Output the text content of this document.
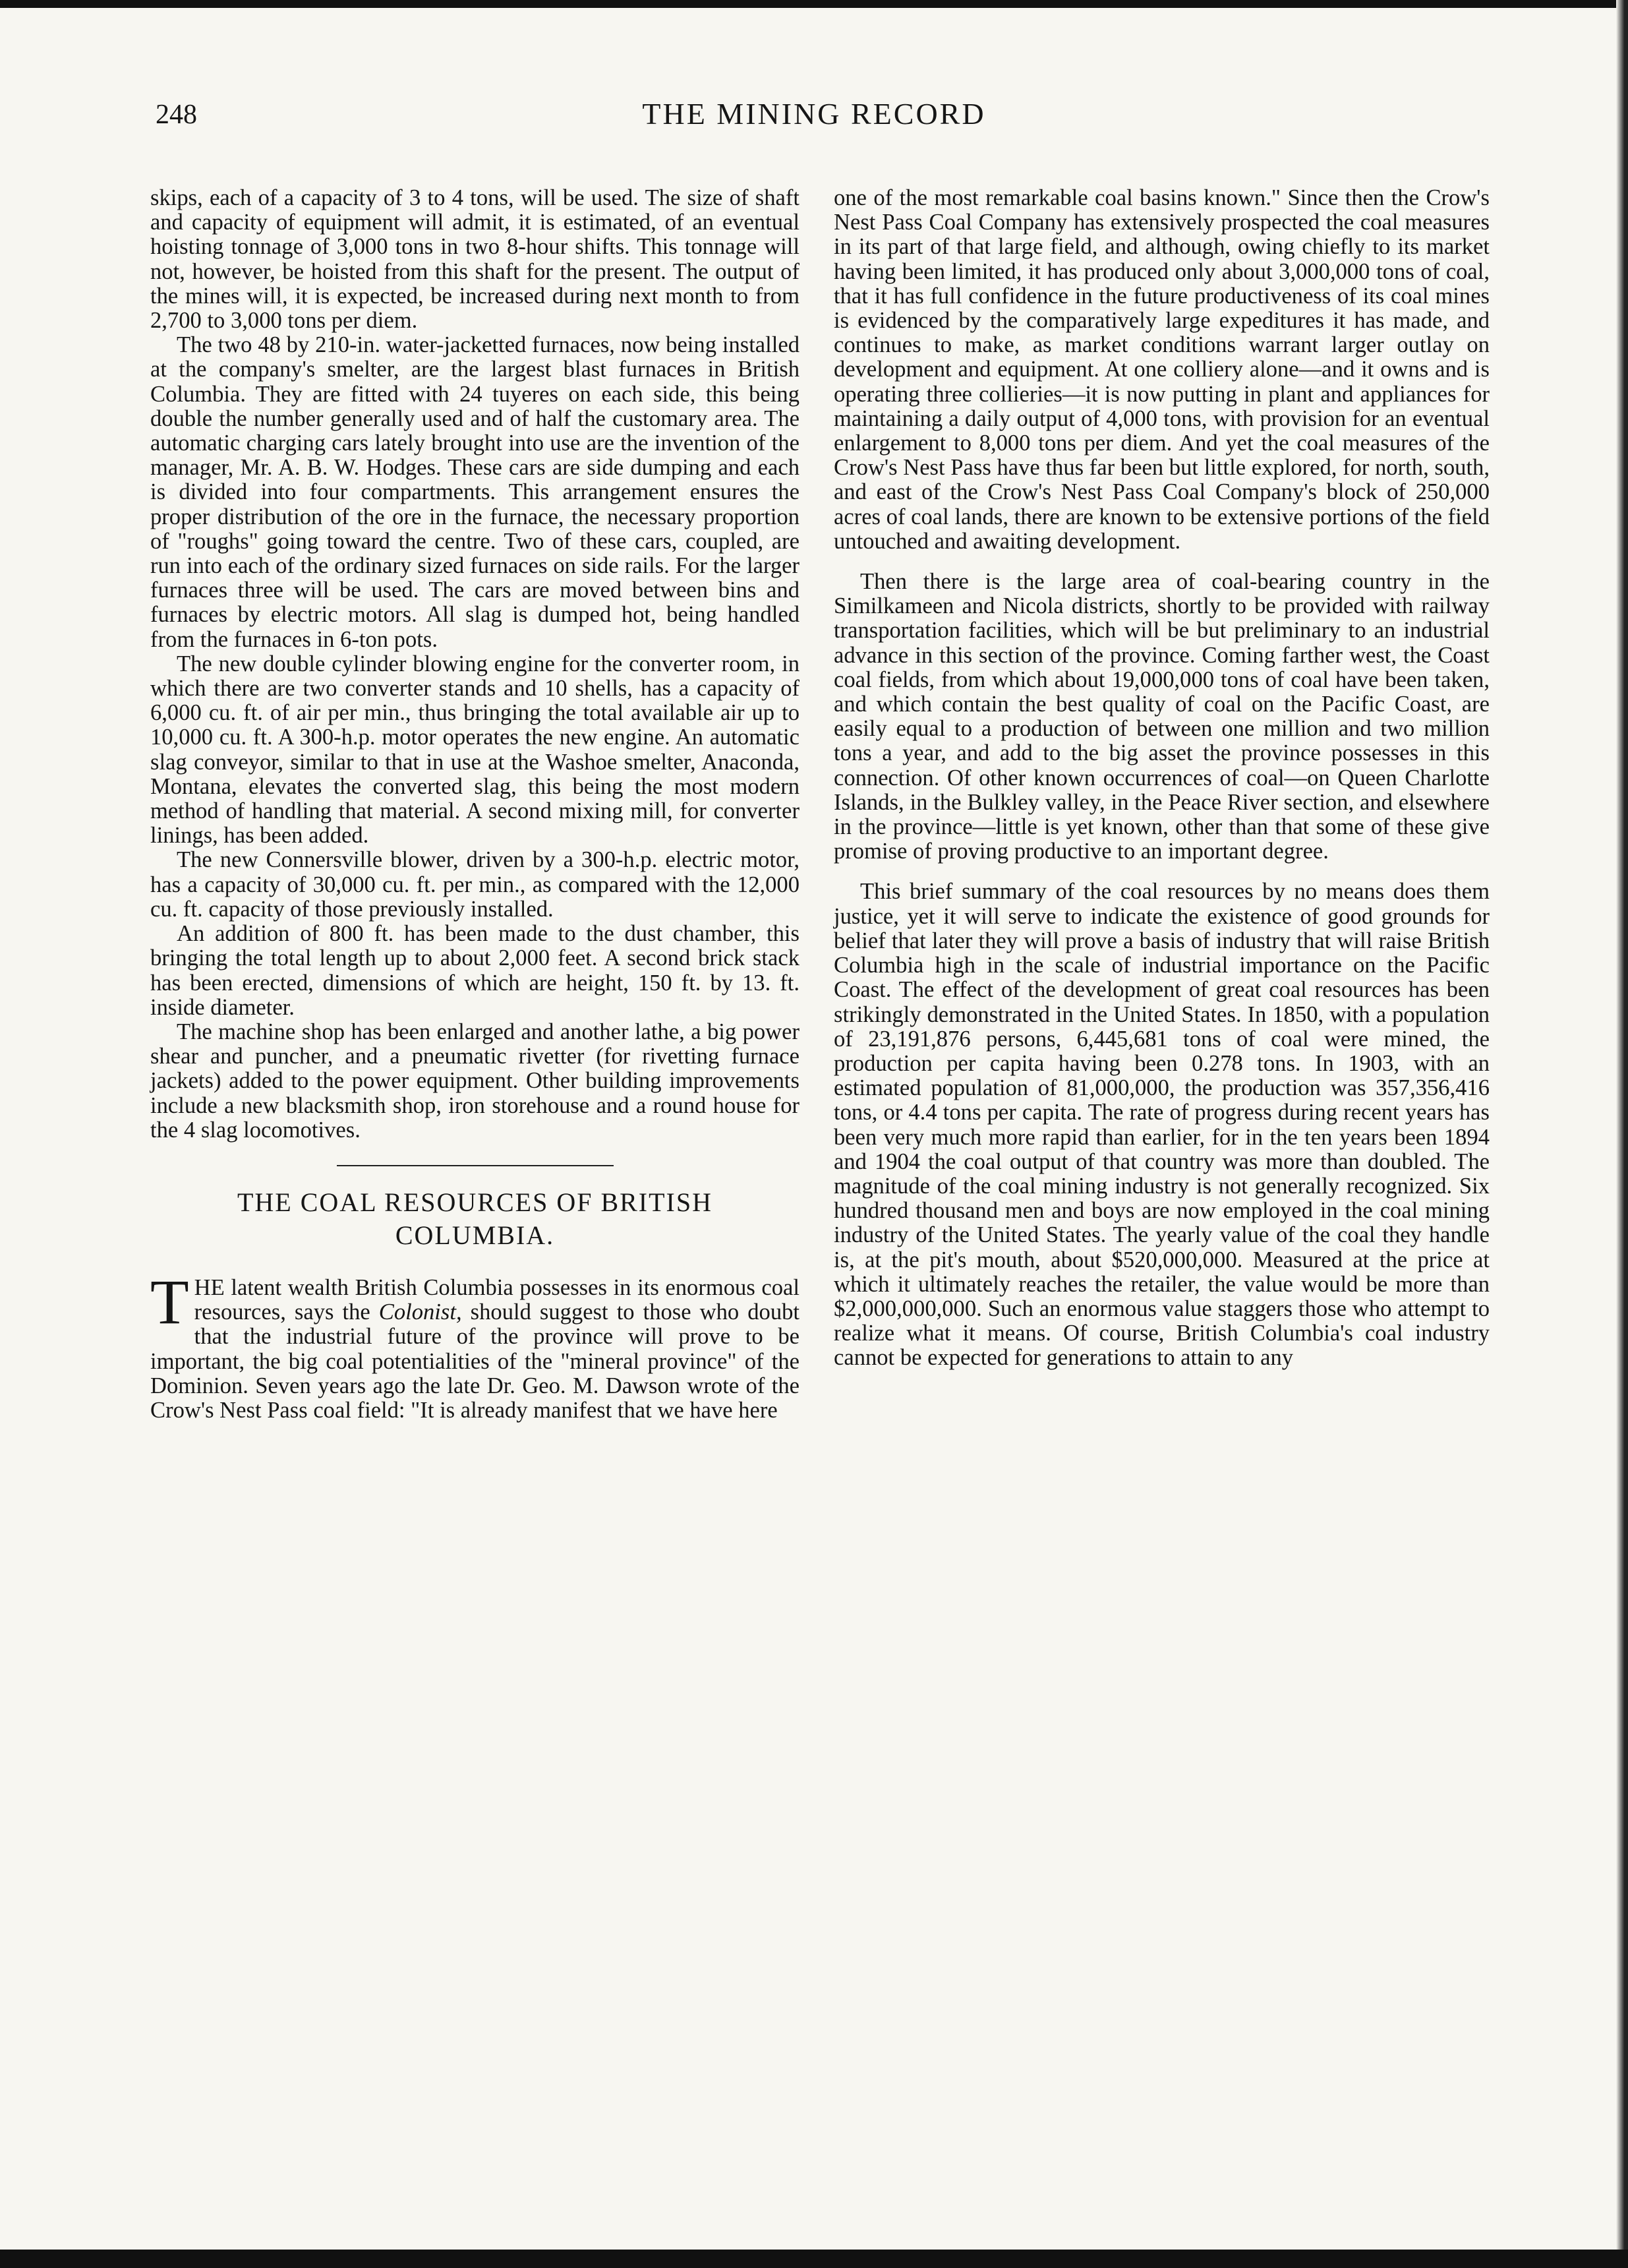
248	THE MINING RECORD

skips, each of a capacity of 3 to 4 tons, will be used. The size of shaft and capacity of equipment will admit, it is estimated, of an eventual hoisting tonnage of 3,000 tons in two 8-hour shifts. This tonnage will not, however, be hoisted from this shaft for the present. The output of the mines will, it is expected, be increased during next month to from 2,700 to 3,000 tons per diem.

The two 48 by 210-in. water-jacketted furnaces, now being installed at the company's smelter, are the largest blast furnaces in British Columbia. They are fitted with 24 tuyeres on each side, this being double the number generally used and of half the customary area. The automatic charging cars lately brought into use are the invention of the manager, Mr. A. B. W. Hodges. These cars are side dumping and each is divided into four compartments. This arrangement ensures the proper distribution of the ore in the furnace, the necessary proportion of "roughs" going toward the centre. Two of these cars, coupled, are run into each of the ordinary sized furnaces on side rails. For the larger furnaces three will be used. The cars are moved between bins and furnaces by electric motors. All slag is dumped hot, being handled from the furnaces in 6-ton pots.

The new double cylinder blowing engine for the converter room, in which there are two converter stands and 10 shells, has a capacity of 6,000 cu. ft. of air per min., thus bringing the total available air up to 10,000 cu. ft. A 300-h.p. motor operates the new engine. An automatic slag conveyor, similar to that in use at the Washoe smelter, Anaconda, Montana, elevates the converted slag, this being the most modern method of handling that material. A second mixing mill, for converter linings, has been added.

The new Connersville blower, driven by a 300-h.p. electric motor, has a capacity of 30,000 cu. ft. per min., as compared with the 12,000 cu. ft. capacity of those previously installed.

An addition of 800 ft. has been made to the dust chamber, this bringing the total length up to about 2,000 feet. A second brick stack has been erected, dimensions of which are height, 150 ft. by 13. ft. inside diameter.

The machine shop has been enlarged and another lathe, a big power shear and puncher, and a pneumatic rivetter (for rivetting furnace jackets) added to the power equipment. Other building improvements include a new blacksmith shop, iron storehouse and a round house for the 4 slag locomotives.

THE COAL RESOURCES OF BRITISH
COLUMBIA.

THE latent wealth British Columbia possesses in its enormous coal resources, says the Colonist, should suggest to those who doubt that the industrial future of the province will prove to be important, the big coal potentialities of the "mineral province" of the Dominion. Seven years ago the late Dr. Geo. M. Dawson wrote of the Crow's Nest Pass coal field: "It is already manifest that we have here

one of the most remarkable coal basins known." Since then the Crow's Nest Pass Coal Company has extensively prospected the coal measures in its part of that large field, and although, owing chiefly to its market having been limited, it has produced only about 3,000,000 tons of coal, that it has full confidence in the future productiveness of its coal mines is evidenced by the comparatively large expeditures it has made, and continues to make, as market conditions warrant larger outlay on development and equipment. At one colliery alone—and it owns and is operating three collieries—it is now putting in plant and appliances for maintaining a daily output of 4,000 tons, with provision for an eventual enlargement to 8,000 tons per diem. And yet the coal measures of the Crow's Nest Pass have thus far been but little explored, for north, south, and east of the Crow's Nest Pass Coal Company's block of 250,000 acres of coal lands, there are known to be extensive portions of the field untouched and awaiting development.

Then there is the large area of coal-bearing country in the Similkameen and Nicola districts, shortly to be provided with railway transportation facilities, which will be but preliminary to an industrial advance in this section of the province. Coming farther west, the Coast coal fields, from which about 19,000,000 tons of coal have been taken, and which contain the best quality of coal on the Pacific Coast, are easily equal to a production of between one million and two million tons a year, and add to the big asset the province possesses in this connection. Of other known occurrences of coal—on Queen Charlotte Islands, in the Bulkley valley, in the Peace River section, and elsewhere in the province—little is yet known, other than that some of these give promise of proving productive to an important degree.

This brief summary of the coal resources by no means does them justice, yet it will serve to indicate the existence of good grounds for belief that later they will prove a basis of industry that will raise British Columbia high in the scale of industrial importance on the Pacific Coast. The effect of the development of great coal resources has been strikingly demonstrated in the United States. In 1850, with a population of 23,191,876 persons, 6,445,681 tons of coal were mined, the production per capita having been 0.278 tons. In 1903, with an estimated population of 81,000,000, the production was 357,356,416 tons, or 4.4 tons per capita. The rate of progress during recent years has been very much more rapid than earlier, for in the ten years been 1894 and 1904 the coal output of that country was more than doubled. The magnitude of the coal mining industry is not generally recognized. Six hundred thousand men and boys are now employed in the coal mining industry of the United States. The yearly value of the coal they handle is, at the pit's mouth, about $520,000,000. Measured at the price at which it ultimately reaches the retailer, the value would be more than $2,000,000,000. Such an enormous value staggers those who attempt to realize what it means. Of course, British Columbia's coal industry cannot be expected for generations to attain to any
